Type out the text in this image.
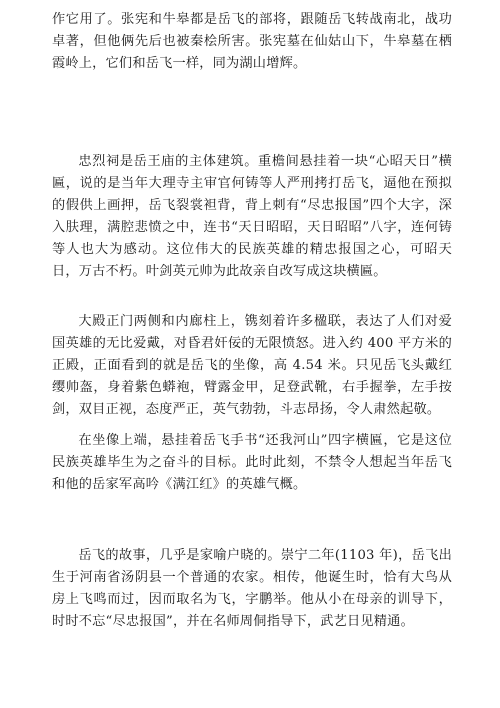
作它用了。张宪和牛皋都是岳飞的部将，跟随岳飞转战南北，战功卓著，但他俩先后也被秦桧所害。张宪墓在仙姑山下，牛皋墓在栖霞岭上，它们和岳飞一样，同为湖山增辉。

忠烈祠是岳王庙的主体建筑。重檐间悬挂着一块“心昭天日”横匾，说的是当年大理寺主审官何铸等人严刑拷打岳飞，逼他在预拟的假供上画押，岳飞裂裳袒背，背上刺有“尽忠报国”四个大字，深入肤理，满腔悲愤之中，连书“天日昭昭，天日昭昭”八字，连何铸等人也大为感动。这位伟大的民族英雄的精忠报国之心，可昭天日，万古不朽。叶剑英元帅为此故亲自改写成这块横匾。

大殿正门两侧和内廊柱上，镌刻着许多楹联，表达了人们对爱国英雄的无比爱戴，对昏君奸佞的无限愤怒。进入约 400 平方米的正殿，正面看到的就是岳飞的坐像，高 4.54 米。只见岳飞头戴红缨帅盔，身着紫色蟒袍，臂露金甲，足登武靴，右手握拳，左手按剑，双目正视，态度严正，英气勃勃，斗志昂扬，令人肃然起敬。

在坐像上端，悬挂着岳飞手书“还我河山”四字横匾，它是这位民族英雄毕生为之奋斗的目标。此时此刻，不禁令人想起当年岳飞和他的岳家军高吟《满江红》的英雄气概。

岳飞的故事，几乎是家喻户晓的。崇宁二年(1103 年)，岳飞出生于河南省汤阴县一个普通的农家。相传，他诞生时，恰有大鸟从房上飞鸣而过，因而取名为飞，字鹏举。他从小在母亲的训导下，时时不忘“尽忠报国”，并在名师周侗指导下，武艺日见精通。
